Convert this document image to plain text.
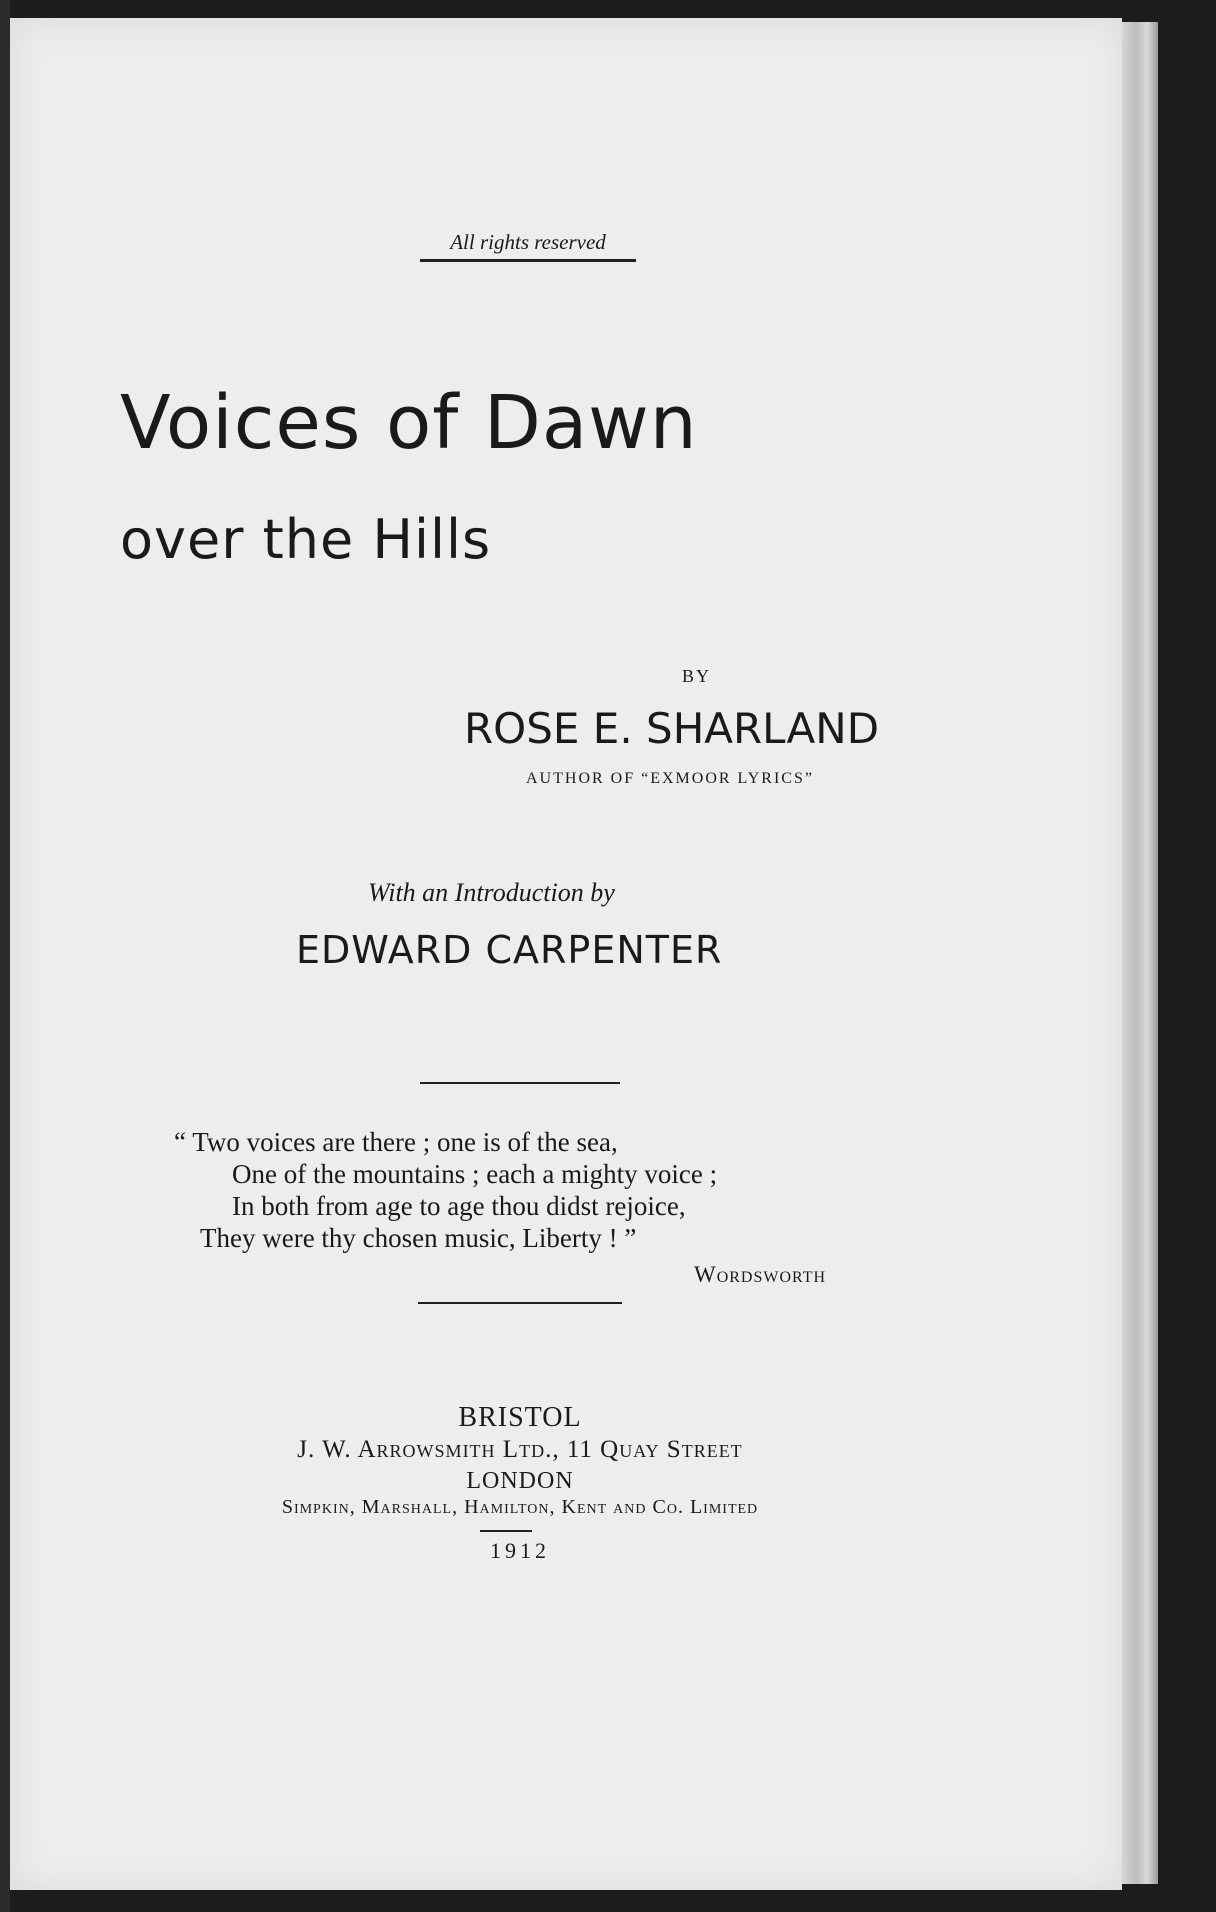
All rights reserved
Voices of Dawn
over the Hills
BY
ROSE E. SHARLAND
AUTHOR OF “EXMOOR LYRICS”
With an Introduction by
EDWARD CARPENTER
“ Two voices are there ; one is of the sea,
One of the mountains ; each a mighty voice ;
In both from age to age thou didst rejoice,
They were thy chosen music, Liberty ! ”
Wordsworth
BRISTOL
J. W. Arrowsmith Ltd., 11 Quay Street
LONDON
Simpkin, Marshall, Hamilton, Kent and Co. Limited
1912
